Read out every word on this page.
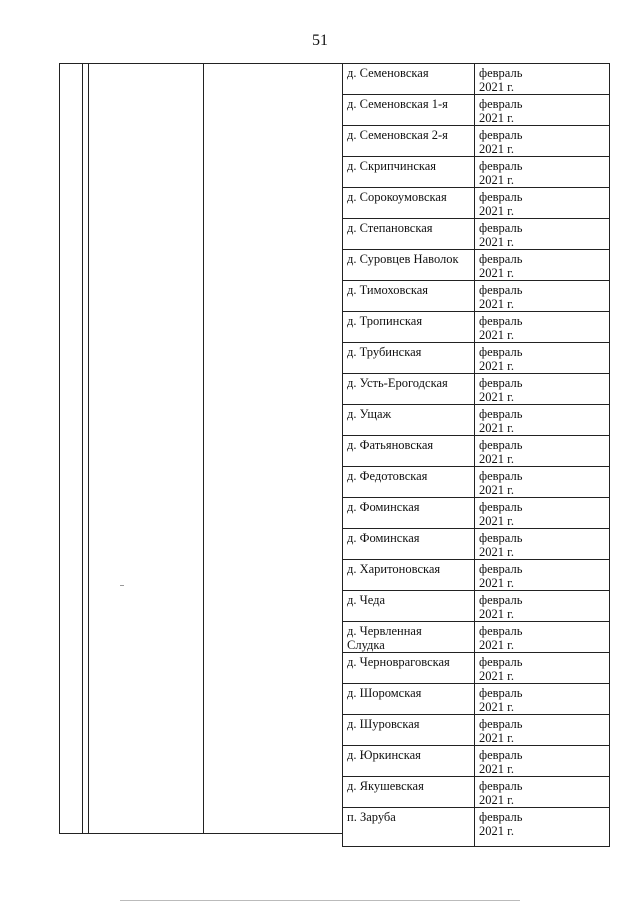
51
д. Семеновская	февраль
2021 г.

д. Семеновская 1-я	февраль
2021 г.

д. Семеновская 2-я	февраль
2021 г.

д. Скрипчинская	февраль
2021 г.

д. Сорокоумовская	февраль
2021 г.

д. Степановская	февраль
2021 г.

д. Суровцев Наволок	февраль
2021 г.

д. Тимоховская	февраль
2021 г.

д. Тропинская	февраль
2021 г.

д. Трубинская	февраль
2021 г.

д. Усть-Ерогодская	февраль
2021 г.

д. Ущаж	февраль
2021 г.

д. Фатьяновская	февраль
2021 г.

д. Федотовская	февраль
2021 г.

д. Фоминская	февраль
2021 г.

д. Фоминская	февраль
2021 г.

д. Харитоновская	февраль
2021 г.

д. Чеда	февраль
2021 г.

д. Червленная
Слудка	февраль
2021 г.

д. Черновраговская	февраль
2021 г.

д. Шоромская	февраль
2021 г.

д. Шуровская	февраль
2021 г.

д. Юркинская	февраль
2021 г.

д. Якушевская	февраль
2021 г.

п. Заруба	февраль
2021 г.
